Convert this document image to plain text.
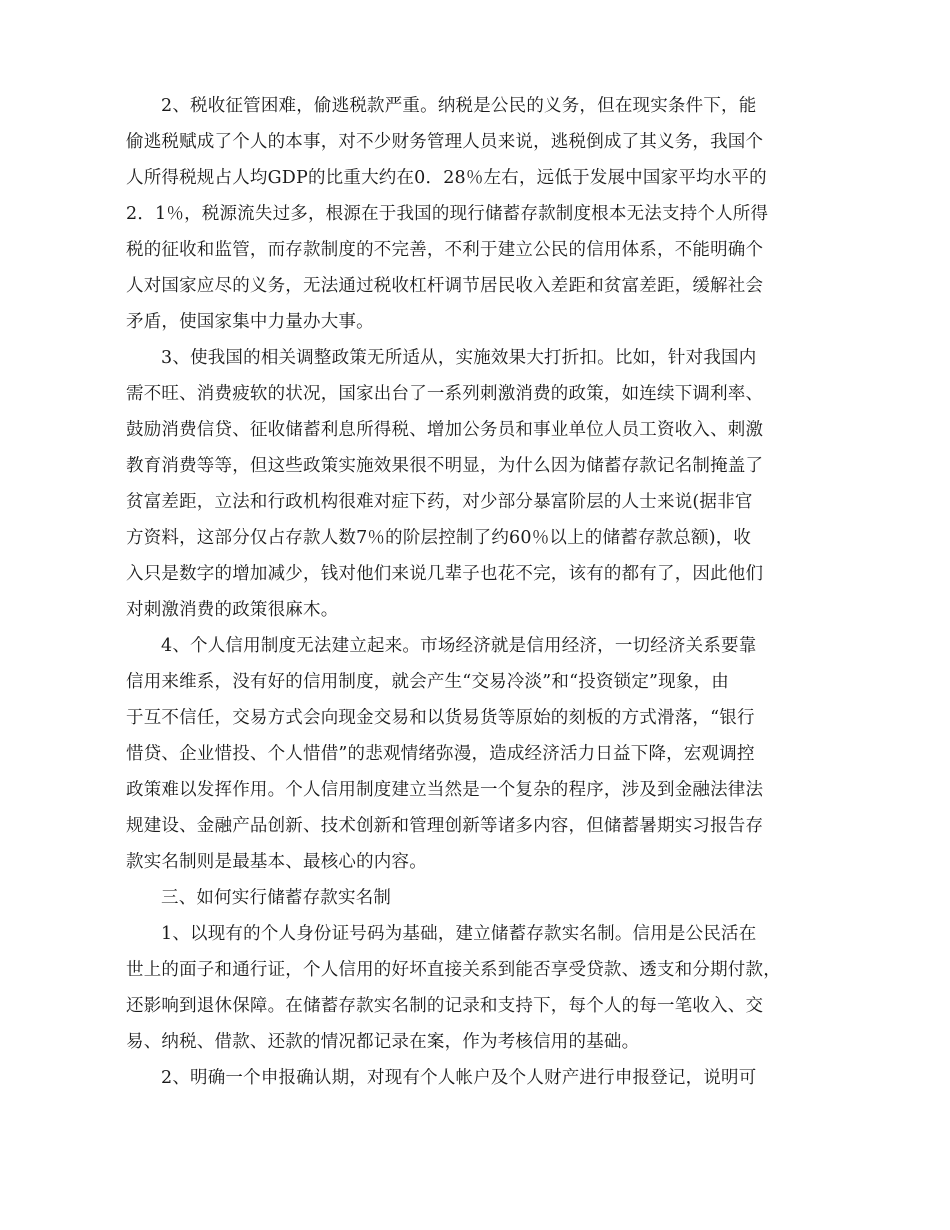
2、税收征管困难，偷逃税款严重。纳税是公民的义务，但在现实条件下，能

偷逃税赋成了个人的本事，对不少财务管理人员来说，逃税倒成了其义务，我国个

人所得税规占人均GDP的比重大约在0．28％左右，远低于发展中国家平均水平的

2．1％，税源流失过多，根源在于我国的现行储蓄存款制度根本无法支持个人所得

税的征收和监管，而存款制度的不完善，不利于建立公民的信用体系，不能明确个

人对国家应尽的义务，无法通过税收杠杆调节居民收入差距和贫富差距，缓解社会

矛盾，使国家集中力量办大事。

3、使我国的相关调整政策无所适从，实施效果大打折扣。比如，针对我国内

需不旺、消费疲软的状况，国家出台了一系列刺激消费的政策，如连续下调利率、

鼓励消费信贷、征收储蓄利息所得税、增加公务员和事业单位人员工资收入、刺激

教育消费等等，但这些政策实施效果很不明显，为什么因为储蓄存款记名制掩盖了

贫富差距，立法和行政机构很难对症下药，对少部分暴富阶层的人士来说(据非官

方资料，这部分仅占存款人数7％的阶层控制了约60％以上的储蓄存款总额)，收

入只是数字的增加减少，钱对他们来说几辈子也花不完，该有的都有了，因此他们

对刺激消费的政策很麻木。

4、个人信用制度无法建立起来。市场经济就是信用经济，一切经济关系要靠

信用来维系，没有好的信用制度，就会产生“交易冷淡”和“投资锁定”现象，由

于互不信任，交易方式会向现金交易和以货易货等原始的刻板的方式滑落，“银行

惜贷、企业惜投、个人惜借”的悲观情绪弥漫，造成经济活力日益下降，宏观调控

政策难以发挥作用。个人信用制度建立当然是一个复杂的程序，涉及到金融法律法

规建设、金融产品创新、技术创新和管理创新等诸多内容，但储蓄暑期实习报告存

款实名制则是最基本、最核心的内容。

三、如何实行储蓄存款实名制

1、以现有的个人身份证号码为基础，建立储蓄存款实名制。信用是公民活在

世上的面子和通行证，个人信用的好坏直接关系到能否享受贷款、透支和分期付款，

还影响到退休保障。在储蓄存款实名制的记录和支持下，每个人的每一笔收入、交

易、纳税、借款、还款的情况都记录在案，作为考核信用的基础。

2、明确一个申报确认期，对现有个人帐户及个人财产进行申报登记，说明可
